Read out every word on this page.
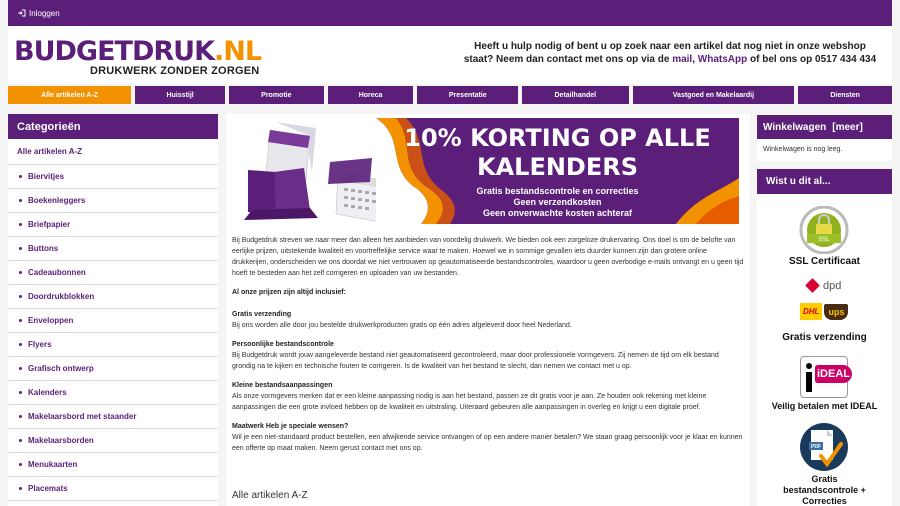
Inloggen
BUDGETDRUK.NL
DRUKWERK ZONDER ZORGEN
Heeft u hulp nodig of bent u op zoek naar een artikel dat nog niet in onze webshop staat? Neem dan contact met ons op via de mail, WhatsApp of bel ons op 0517 434 434
Alle artikelen A-Z	Huisstijl	Promotie	Horeca	Presentatie	Detailhandel	Vastgoed en Makelaardij	Diensten
Categorieën
Alle artikelen A-Z
Biervitjes
Boekenleggers
Briefpapier
Buttons
Cadeaubonnen
Doordrukblokken
Enveloppen
Flyers
Grafisch ontwerp
Kalenders
Makelaarsbord met staander
Makelaarsborden
Menukaarten
Placemats
10% KORTING OP ALLE
KALENDERS
Gratis bestandscontrole en correcties
Geen verzendkosten
Geen onverwachte kosten achteraf

Bij Budgetdruk streven we naar meer dan alleen het aanbieden van voordelig drukwerk. We bieden ook een zorgeloze drukervaring. Ons doel is om de belofte van eerlijke prijzen, uitstekende kwaliteit en voortreffelijke service waar te maken. Hoewel we in sommige gevallen iets duurder kunnen zijn dan grotere online drukkerijen, onderscheiden we ons doordat we niet vertrouwen op geautomatiseerde bestandscontroles, waardoor u geen overbodige e-mails ontvangt en u geen tijd hoeft te besteden aan het zelf corrigeren en uploaden van uw bestanden.

Al onze prijzen zijn altijd inclusief:

Gratis verzending
Bij ons worden alle door jou bestelde drukwerkproducten gratis op één adres afgeleverd door heel Nederland.

Persoonlijke bestandscontrole
Bij Budgetdruk wordt jouw aangeleverde bestand niet geautomatiseerd gecontroleerd, maar door professionele vormgevers. Zij nemen de tijd om elk bestand grondig na te kijken en technische fouten te corrigeren. Is de kwaliteit van het bestand te slecht, dan nemen we contact met u op.

Kleine bestandsaanpassingen
Als onze vormgevers merken dat er een kleine aanpassing nodig is aan het bestand, passen ze dit gratis voor je aan. Ze houden ook rekening met kleine aanpassingen die een grote invloed hebben op de kwaliteit en uitstraling. Uiteraard gebeuren alle aanpassingen in overleg en krijgt u een digitale proef.

Maatwerk Heb je speciale wensen?
Wil je een niet-standaard product bestellen, een afwijkende service ontvangen of op een andere manier betalen? We staan graag persoonlijk voor je klaar en kunnen een offerte op maat maken. Neem gerust contact met ons op.

Alle artikelen A-Z
Winkelwagen [meer]
Winkelwagen is nog leeg.
Wist u dit al...
SSL
SSL Certificaat
dpd
DHL	ups
Gratis verzending
iDEAL
Veilig betalen met IDEAL
PDF
Gratis
bestandscontrole +
Correcties
